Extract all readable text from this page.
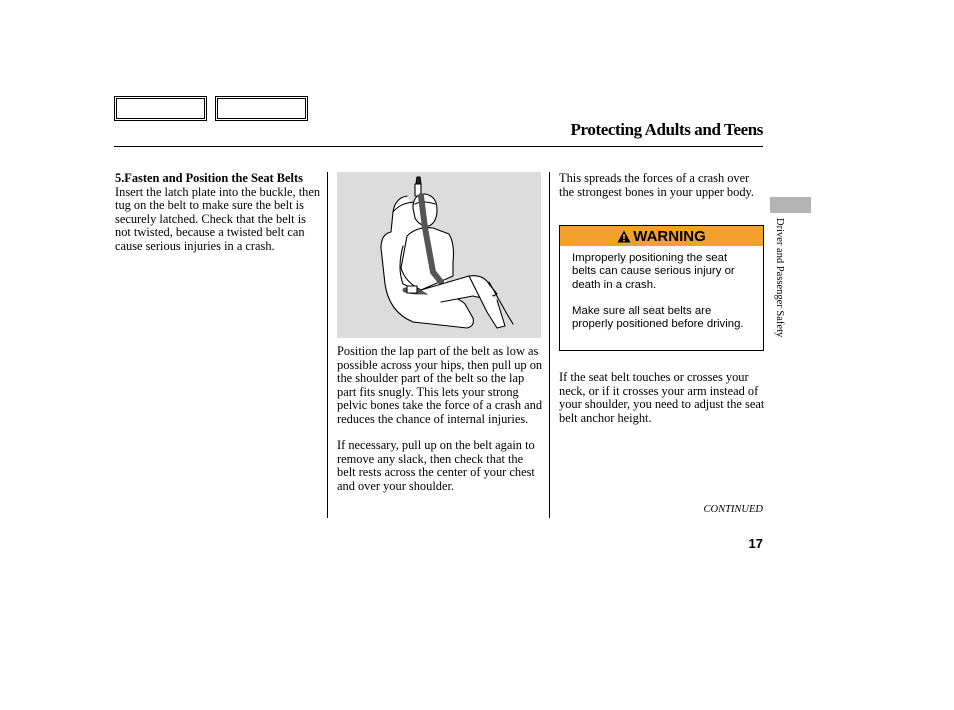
Protecting Adults and Teens
5. Fasten and Position the Seat Belts

Insert the latch plate into the buckle, then tug on the belt to make sure the belt is securely latched. Check that the belt is not twisted, because a twisted belt can cause serious injuries in a crash.

Position the lap part of the belt as low as possible across your hips, then pull up on the shoulder part of the belt so the lap part fits snugly. This lets your strong pelvic bones take the force of a crash and reduces the chance of internal injuries.

If necessary, pull up on the belt again to remove any slack, then check that the belt rests across the center of your chest and over your shoulder.

This spreads the forces of a crash over the strongest bones in your upper body.

WARNING

Improperly positioning the seat belts can cause serious injury or death in a crash.

Make sure all seat belts are properly positioned before driving.

If the seat belt touches or crosses your neck, or if it crosses your arm instead of your shoulder, you need to adjust the seat belt anchor height.

CONTINUED
17
Driver and Passenger Safety
